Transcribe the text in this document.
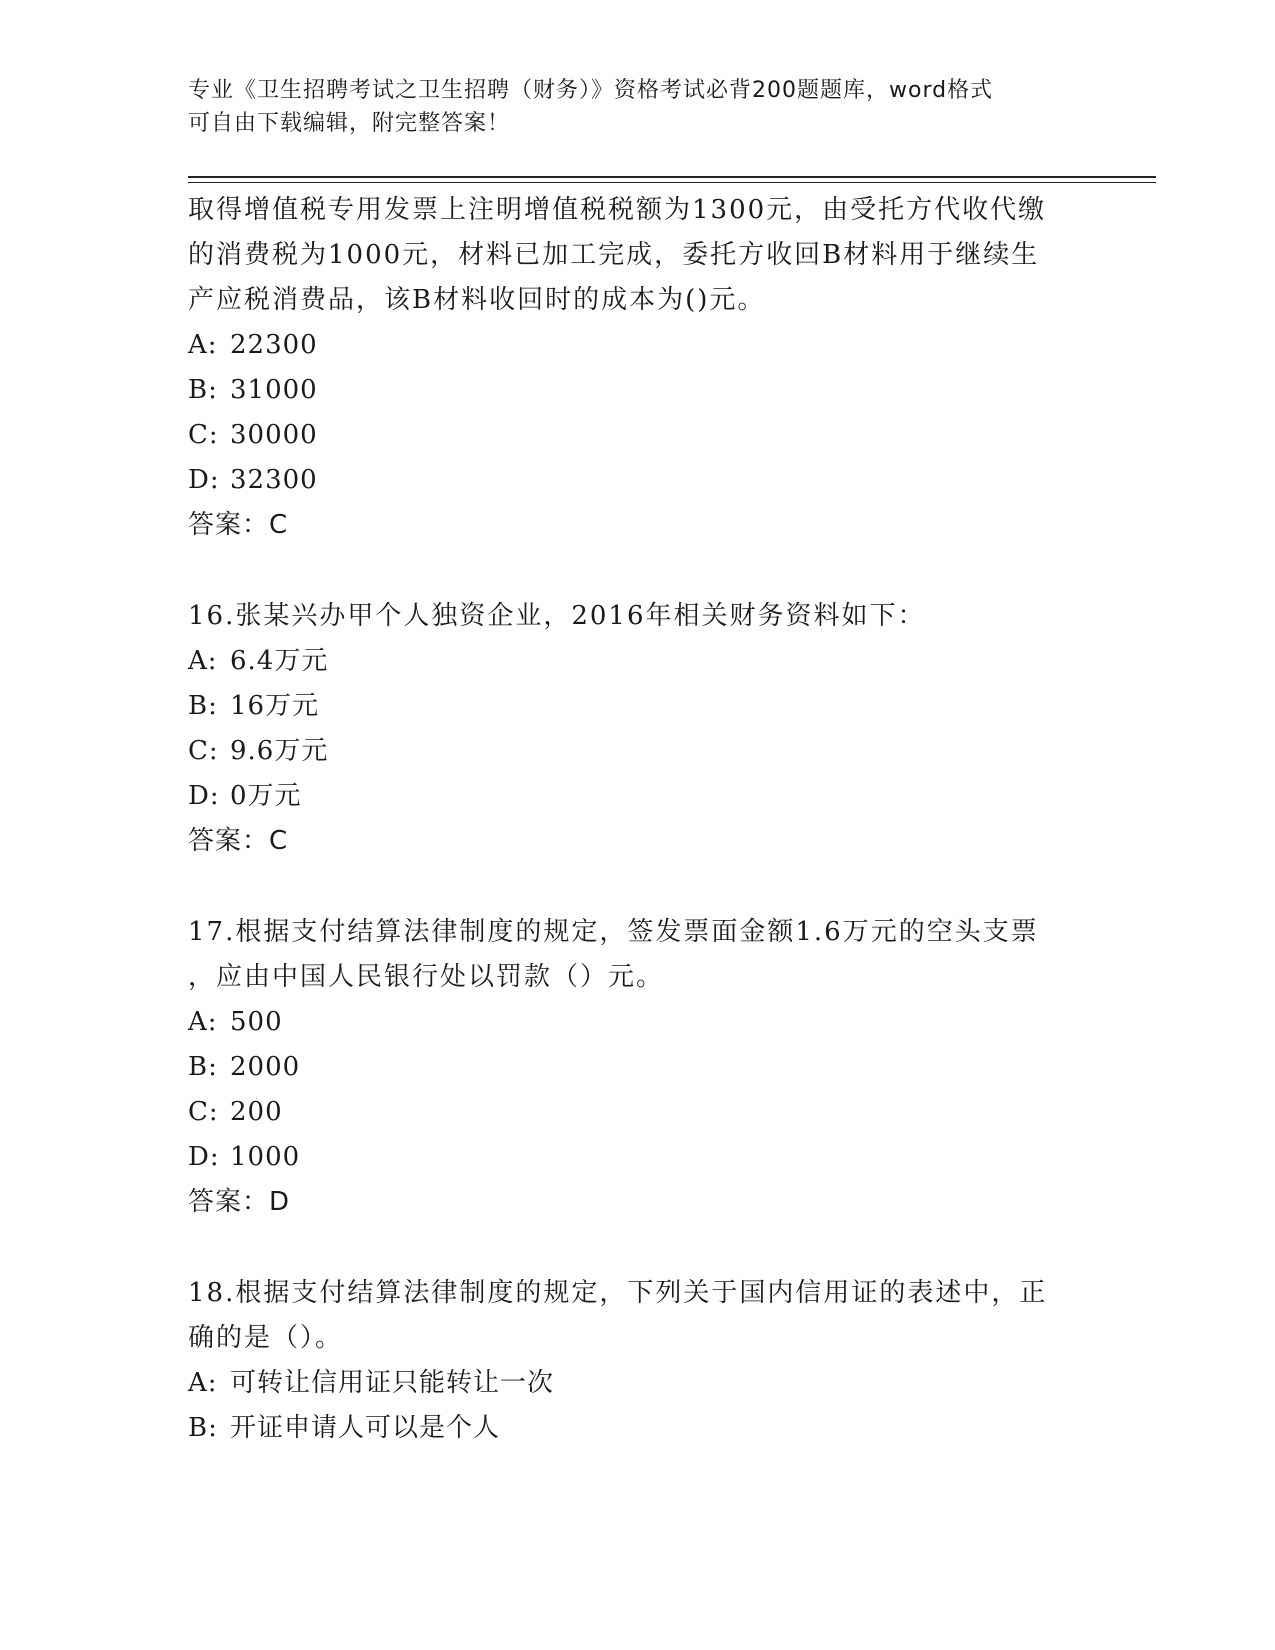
专业《卫生招聘考试之卫生招聘（财务）》资格考试必背200题题库，word格式
可自由下载编辑，附完整答案！

取得增值税专用发票上注明增值税税额为1300元，由受托方代收代缴

的消费税为1000元，材料已加工完成，委托方收回B材料用于继续生

产应税消费品，该B材料收回时的成本为()元。

A: 22300

B: 31000

C: 30000

D: 32300

答案：C

16.张某兴办甲个人独资企业，2016年相关财务资料如下：

A: 6.4万元

B: 16万元

C: 9.6万元

D: 0万元

答案：C

17.根据支付结算法律制度的规定，签发票面金额1.6万元的空头支票

，应由中国人民银行处以罚款（）元。

A: 500

B: 2000

C: 200

D: 1000

答案：D

18.根据支付结算法律制度的规定，下列关于国内信用证的表述中，正

确的是（）。

A: 可转让信用证只能转让一次

B: 开证申请人可以是个人
